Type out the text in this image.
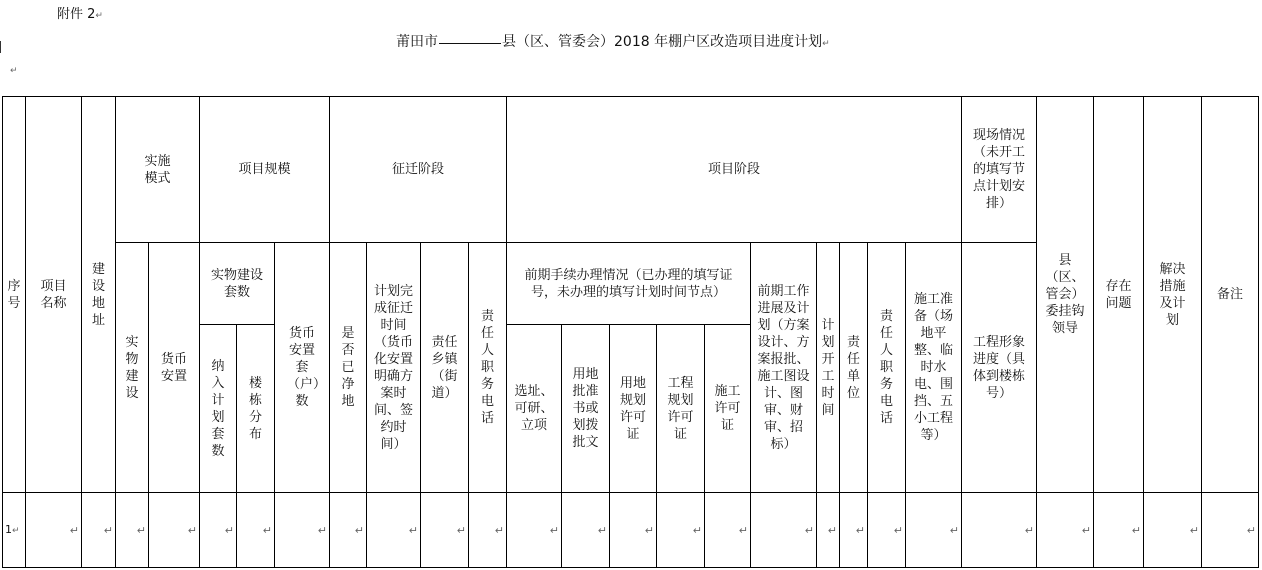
附件 2↵
莆田市	县（区、管委会）2018 年棚户区改造项目进度计划↵
↵
序号	项目名称	建设地址	实施模式		项目规模			征迁阶段				项目阶段										现场情况（未开工的填写节点计划安排）	县（区、管会）委挂钩领导	存在问题	解决措施及计划	备注
			实物建设	货币安置	实物建设套数		货币安置套（户）数	是否已净地	计划完成征迁时间（货币化安置明确方案时间、签约时间）	责任乡镇（街道）	责任人职务电话	前期手续办理情况（已办理的填写证号，未办理的填写计划时间节点）					前期工作进展及计划（方案设计、方案报批、施工图设计、图审、财审、招标）	计划开工时间	责任单位	责任人职务电话	施工准备（场地平整、临时水电、围挡、五小工程等）	工程形象进度（具体到楼栋号）				
					纳入计划套数	楼栋分布																				
												选址、可研、立项	用地批准书或划拨批文	用地规划许可证	工程规划许可证	施工许可证										
1↵	↵	↵	↵	↵	↵	↵	↵	↵	↵	↵	↵	↵	↵	↵	↵	↵	↵	↵	↵	↵	↵	↵	↵	↵	↵	↵
